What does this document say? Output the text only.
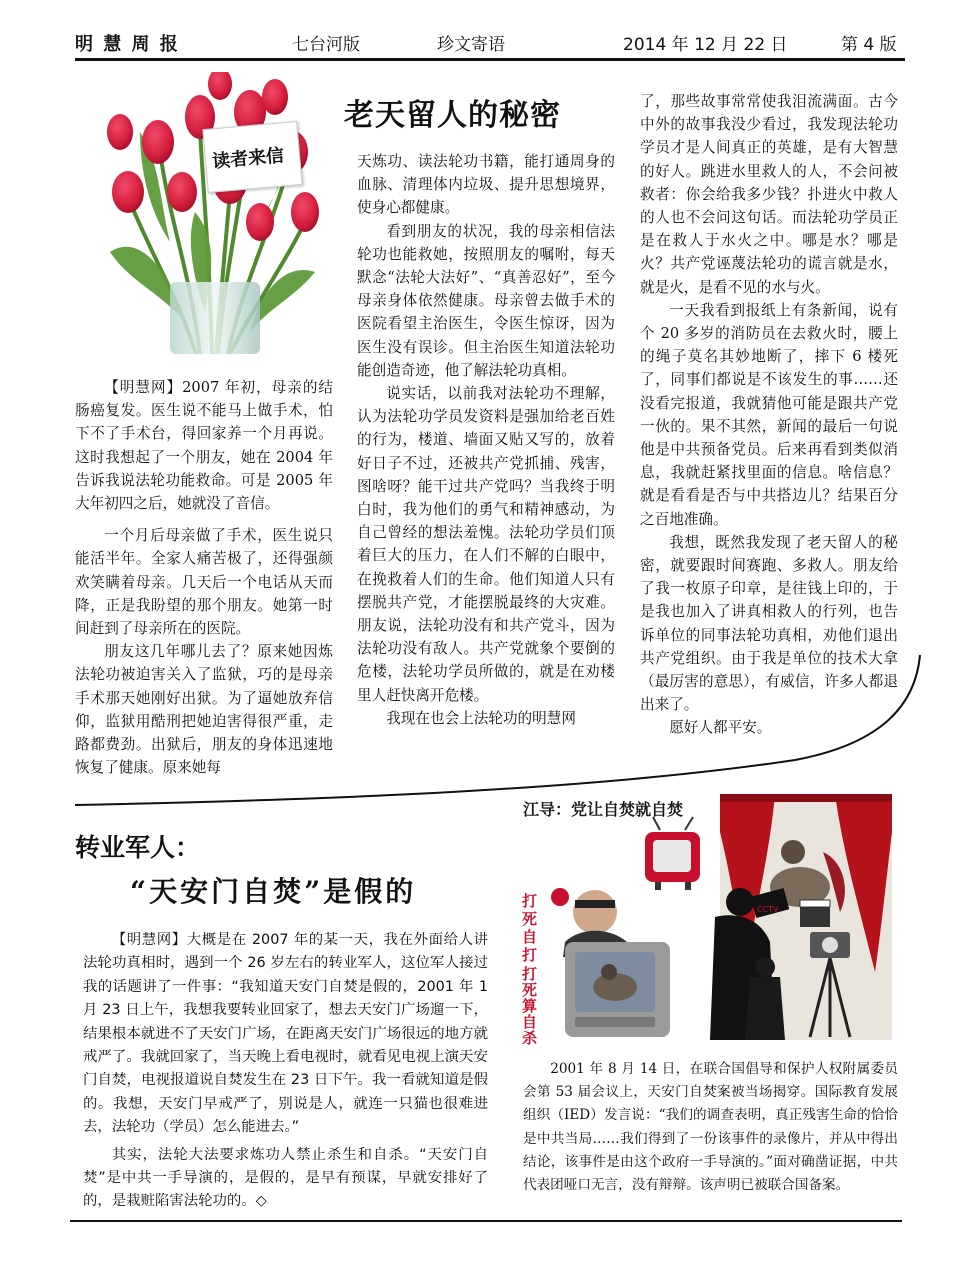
明 慧 周 报	七台河版	珍文寄语	2014 年 12 月 22 日	第 4 版
读者来信
老天留人的秘密

【明慧网】2007 年初，母亲的结肠癌复发。医生说不能马上做手术，怕下不了手术台，得回家养一个月再说。这时我想起了一个朋友，她在 2004 年告诉我说法轮功能救命。可是 2005 年大年初四之后，她就没了音信。

一个月后母亲做了手术，医生说只能活半年。全家人痛苦极了，还得强颜欢笑瞒着母亲。几天后一个电话从天而降，正是我盼望的那个朋友。她第一时间赶到了母亲所在的医院。

朋友这几年哪儿去了？原来她因炼法轮功被迫害关入了监狱，巧的是母亲手术那天她刚好出狱。为了逼她放弃信仰，监狱用酷刑把她迫害得很严重，走路都费劲。出狱后，朋友的身体迅速地恢复了健康。原来她每

天炼功、读法轮功书籍，能打通周身的血脉、清理体内垃圾、提升思想境界，使身心都健康。

看到朋友的状况，我的母亲相信法轮功也能救她，按照朋友的嘱咐，每天默念“法轮大法好”、“真善忍好”，至今母亲身体依然健康。母亲曾去做手术的医院看望主治医生，令医生惊讶，因为医生没有误诊。但主治医生知道法轮功能创造奇迹，他了解法轮功真相。

说实话，以前我对法轮功不理解，认为法轮功学员发资料是强加给老百姓的行为，楼道、墙面又贴又写的，放着好日子不过，还被共产党抓捕、残害，图啥呀？能干过共产党吗？当我终于明白时，我为他们的勇气和精神感动，为自己曾经的想法羞愧。法轮功学员们顶着巨大的压力，在人们不解的白眼中，在挽救着人们的生命。他们知道人只有摆脱共产党，才能摆脱最终的大灾难。朋友说，法轮功没有和共产党斗，因为法轮功没有敌人。共产党就象个要倒的危楼，法轮功学员所做的，就是在劝楼里人赶快离开危楼。

我现在也会上法轮功的明慧网

了，那些故事常常使我泪流满面。古今中外的故事我没少看过，我发现法轮功学员才是人间真正的英雄，是有大智慧的好人。跳进水里救人的人，不会问被救者：你会给我多少钱？扑进火中救人的人也不会问这句话。而法轮功学员正是在救人于水火之中。哪是水？哪是火？共产党诬蔑法轮功的谎言就是水，就是火，是看不见的水与火。

一天我看到报纸上有条新闻，说有个 20 多岁的消防员在去救火时，腰上的绳子莫名其妙地断了，摔下 6 楼死了，同事们都说是不该发生的事……还没看完报道，我就猜他可能是跟共产党一伙的。果不其然，新闻的最后一句说他是中共预备党员。后来再看到类似消息，我就赶紧找里面的信息。啥信息？就是看看是否与中共搭边儿？结果百分之百地准确。

我想，既然我发现了老天留人的秘密，就要跟时间赛跑、多救人。朋友给了我一枚原子印章，是往钱上印的，于是我也加入了讲真相救人的行列，也告诉单位的同事法轮功真相，劝他们退出共产党组织。由于我是单位的技术大拿（最厉害的意思），有威信，许多人都退出来了。

愿好人都平安。

转业军人：
“天安门自焚”是假的

【明慧网】大概是在 2007 年的某一天，我在外面给人讲法轮功真相时，遇到一个 26 岁左右的转业军人，这位军人接过我的话题讲了一件事：“我知道天安门自焚是假的，2001 年 1 月 23 日上午，我想我要转业回家了，想去天安门广场遛一下，结果根本就进不了天安门广场，在距离天安门广场很远的地方就戒严了。我就回家了，当天晚上看电视时，就看见电视上演天安门自焚，电视报道说自焚发生在 23 日下午。我一看就知道是假的。我想，天安门早戒严了，别说是人，就连一只猫也很难进去，法轮功（学员）怎么能进去。”

其实，法轮大法要求炼功人禁止杀生和自杀。“天安门自焚”是中共一手导演的，是假的，是早有预谋，早就安排好了的，是栽赃陷害法轮功的。◇

江导：党让自焚就自焚
打死自打
打死算自杀
CCTV

2001 年 8 月 14 日，在联合国倡导和保护人权附属委员会第 53 届会议上，天安门自焚案被当场揭穿。国际教育发展组织（IED）发言说：“我们的调查表明，真正残害生命的恰恰是中共当局……我们得到了一份该事件的录像片，并从中得出结论，该事件是由这个政府一手导演的。”面对确凿证据，中共代表团哑口无言，没有辩辩。该声明已被联合国备案。
